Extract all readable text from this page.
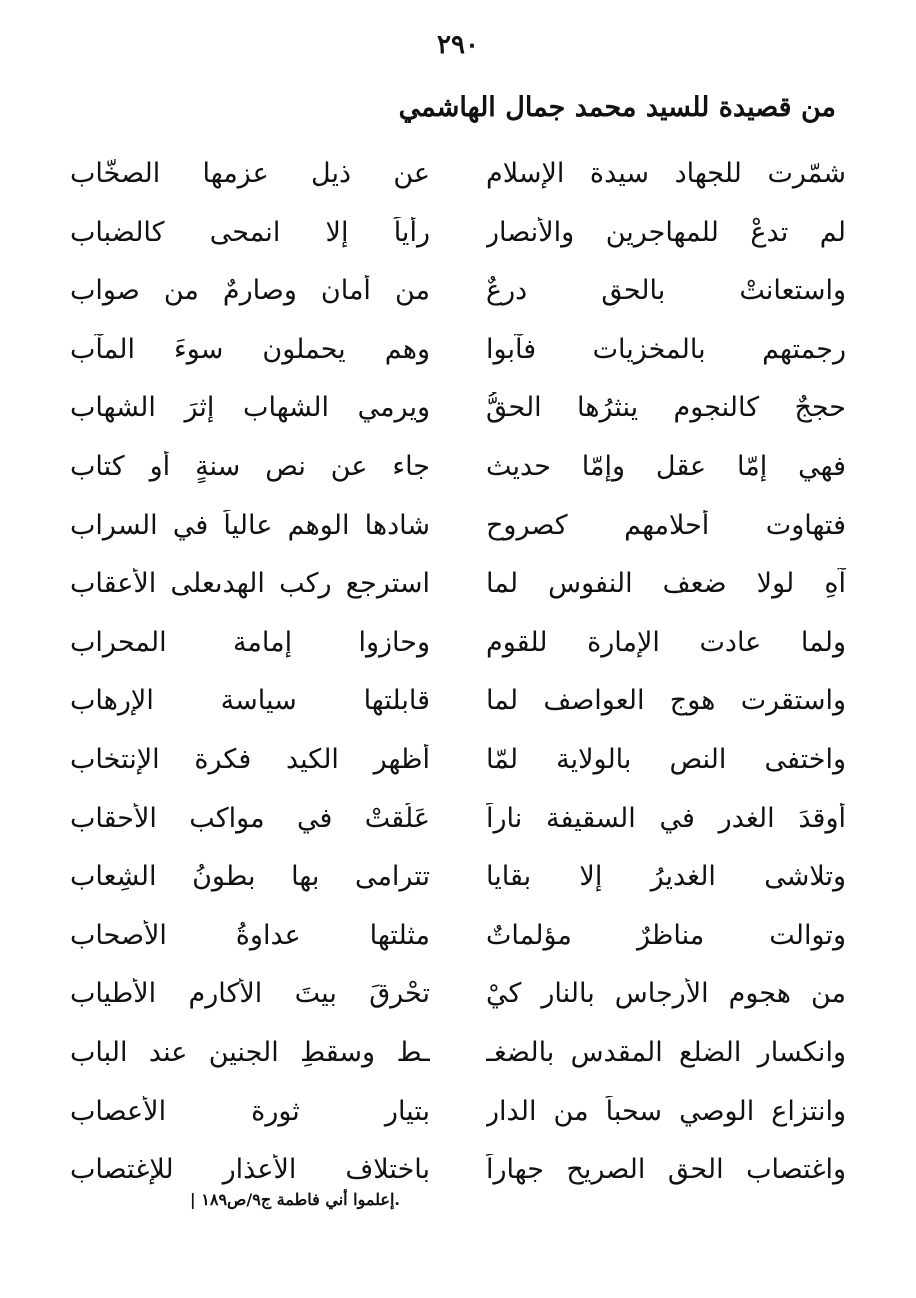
٢٩٠
من قصيدة للسيد محمد جمال الهاشمي
شمّرت للجهاد سيدة الإسلام
عن ذيل عزمها الصخّاب
لم تدعْ للمهاجرين والأنصار
رأياً إلا انمحى كالضباب
واستعانتْ بالحقِ درعٌ
من أمان وصارمٌ من صواب
رجمتهم بالمخزيات فآبوا
وهم يحملون سوءَ المآب
حججٌ كالنجوم ينثرُها الحقُّ
ويرمي الشهاب إثرَ الشهاب
فهي إمّا عقل وإمّا حديث
جاء عن نص سنةٍ أو كتاب
فتهاوت أحلامهم كصروحٍ
شادها الوهم عالياً في السراب
آهِ لولا ضعف النفوس لما
استرجع ركب الهدىعلى الأعقاب
ولما عادت الإمارة للقوم
وحازوا إمامة المحراب
واستقرت هوج العواصف لما
قابلتها سياسة الإرهاب
واختفى النص بالولاية لمّا
أظهر الكيد فكرة الإنتخاب
أوقدَ الغدر في السقيفة ناراً
عَلُقتْ في مواكب الأحقاب
وتلاشى الغديرُ إلا بقايا
تترامى بها بطونُ الشِعاب
وتوالت مناظرٌ مؤلماتٌ
مثلتها عداوةُ الأصحاب
من هجوم الأرجاس بالنار كيْ
تحْرقَ بيتَ الأكارم الأطياب
وانكسار الضلع المقدس بالضغـ
ـط وسقطِ الجنين عند الباب
وانتزاع الوصي سحباً من الدار
بتيار ثورة الأعصاب
واغتصاب الحق الصريح جهاراً
باختلاف الأعذار للإغتصاب
.إعلموا أني فاطمة ج٩/ص١٨٩ |
